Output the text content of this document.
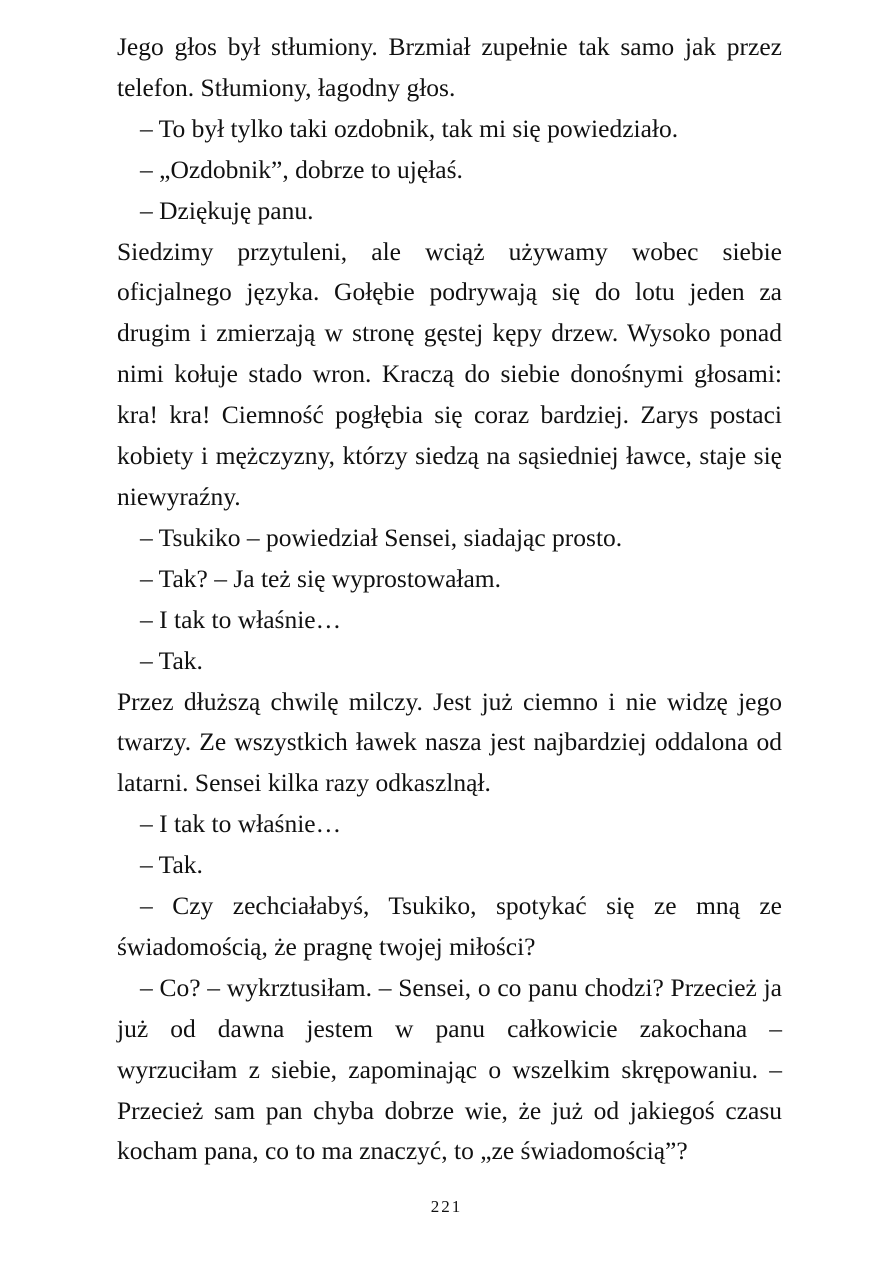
Jego głos był stłumiony. Brzmiał zupełnie tak samo jak przez telefon. Stłumiony, łagodny głos.

– To był tylko taki ozdobnik, tak mi się powiedziało.

– „Ozdobnik”, dobrze to ujęłaś.

– Dziękuję panu.

Siedzimy przytuleni, ale wciąż używamy wobec siebie oficjalnego języka. Gołębie podrywają się do lotu jeden za drugim i zmierzają w stronę gęstej kępy drzew. Wysoko ponad nimi kołuje stado wron. Kraczą do siebie donośnymi głosami: kra! kra! Ciemność pogłębia się coraz bardziej. Zarys postaci kobiety i mężczyzny, którzy siedzą na sąsiedniej ławce, staje się niewyraźny.

– Tsukiko – powiedział Sensei, siadając prosto.

– Tak? – Ja też się wyprostowałam.

– I tak to właśnie…

– Tak.

Przez dłuższą chwilę milczy. Jest już ciemno i nie widzę jego twarzy. Ze wszystkich ławek nasza jest najbardziej oddalona od latarni. Sensei kilka razy odkaszlnął.

– I tak to właśnie…

– Tak.

– Czy zechciałabyś, Tsukiko, spotykać się ze mną ze świadomością, że pragnę twojej miłości?

– Co? – wykrztusiłam. – Sensei, o co panu chodzi? Przecież ja już od dawna jestem w panu całkowicie zakochana – wyrzuciłam z siebie, zapominając o wszelkim skrępowaniu. – Przecież sam pan chyba dobrze wie, że już od jakiegoś czasu kocham pana, co to ma znaczyć, to „ze świadomością”?

221
